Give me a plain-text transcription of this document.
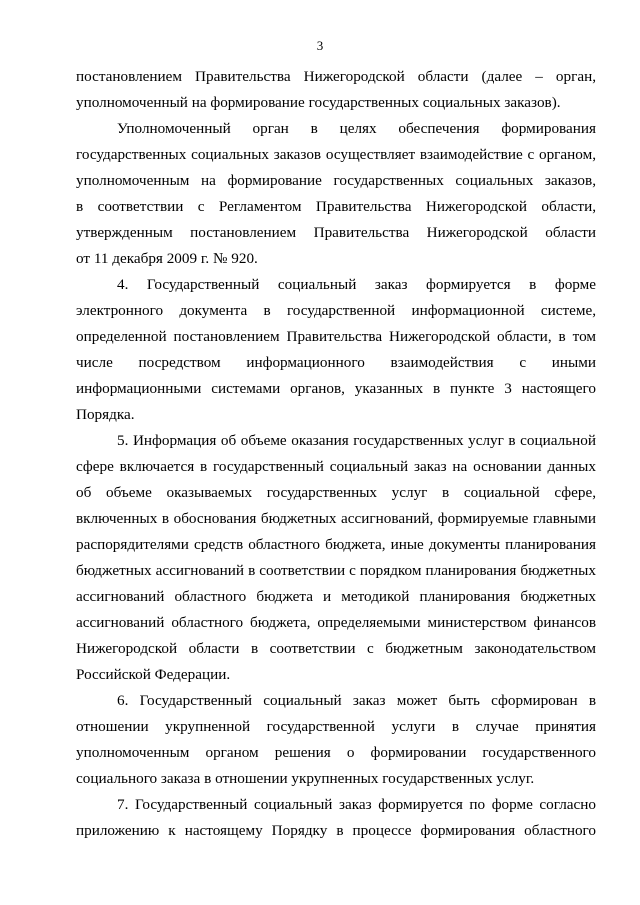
3

постановлением Правительства Нижегородской области (далее – орган,

уполномоченный на формирование государственных социальных заказов).

Уполномоченный орган в целях обеспечения формирования

государственных социальных заказов осуществляет взаимодействие с органом,

уполномоченным на формирование государственных социальных заказов,

в соответствии с Регламентом Правительства Нижегородской области,

утвержденным постановлением Правительства Нижегородской области

от 11 декабря 2009 г. № 920.

4. Государственный социальный заказ формируется в форме

электронного документа в государственной информационной системе,

определенной постановлением Правительства Нижегородской области, в том

числе посредством информационного взаимодействия с иными

информационными системами органов, указанных в пункте 3 настоящего

Порядка.

5. Информация об объеме оказания государственных услуг в социальной

сфере включается в государственный социальный заказ на основании данных

об объеме оказываемых государственных услуг в социальной сфере,

включенных в обоснования бюджетных ассигнований, формируемые главными

распорядителями средств областного бюджета, иные документы планирования

бюджетных ассигнований в соответствии с порядком планирования бюджетных

ассигнований областного бюджета и методикой планирования бюджетных

ассигнований областного бюджета, определяемыми министерством финансов

Нижегородской области в соответствии с бюджетным законодательством

Российской Федерации.

6. Государственный социальный заказ может быть сформирован в

отношении укрупненной государственной услуги в случае принятия

уполномоченным органом решения о формировании государственного

социального заказа в отношении укрупненных государственных услуг.

7. Государственный социальный заказ формируется по форме согласно

приложению к настоящему Порядку в процессе формирования областного
